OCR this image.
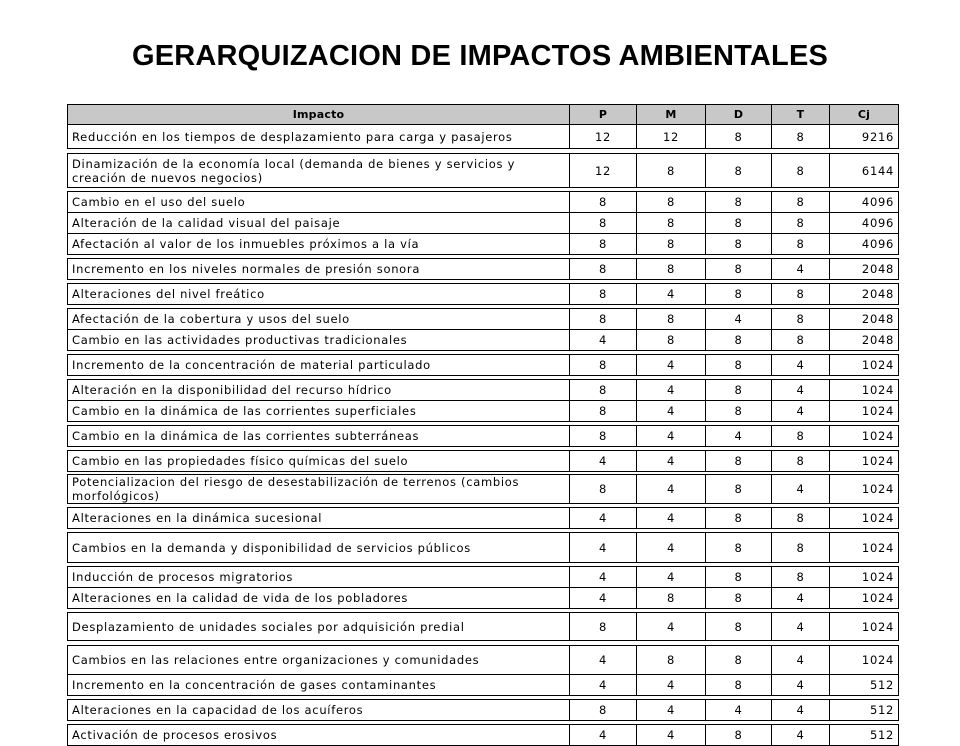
GERARQUIZACION DE IMPACTOS AMBIENTALES
Impacto	P	M	D	T	Cj
Reducción en los tiempos de desplazamiento para carga y pasajeros	12	12	8	8	9216

Dinamización de la economía local (demanda de bienes y servicios y creación de nuevos negocios)	12	8	8	8	6144

Cambio en el uso del suelo	8	8	8	8	4096
Alteración de la calidad visual del paisaje	8	8	8	8	4096
Afectación al valor de los inmuebles próximos a la vía	8	8	8	8	4096

Incremento en los niveles normales de presión sonora	8	8	8	4	2048

Alteraciones del nivel freático	8	4	8	8	2048

Afectación de la cobertura y usos del suelo	8	8	4	8	2048
Cambio en las actividades productivas tradicionales	4	8	8	8	2048

Incremento de la concentración de material particulado	8	4	8	4	1024

Alteración en la disponibilidad del recurso hídrico	8	4	8	4	1024
Cambio en la dinámica de las corrientes superficiales	8	4	8	4	1024

Cambio en la dinámica de las corrientes subterráneas	8	4	4	8	1024

Cambio en las propiedades físico químicas del suelo	4	4	8	8	1024

Potencializacion del riesgo de desestabilización de terrenos (cambios morfológicos)	8	4	8	4	1024

Alteraciones en la dinámica sucesional	4	4	8	8	1024

Cambios en la demanda y disponibilidad de servicios públicos	4	4	8	8	1024

Inducción de procesos migratorios	4	4	8	8	1024
Alteraciones en la calidad de vida de los pobladores	4	8	8	4	1024

Desplazamiento de unidades sociales por adquisición predial	8	4	8	4	1024

Cambios en las relaciones entre organizaciones y comunidades	4	8	8	4	1024
Incremento en la concentración de gases contaminantes	4	4	8	4	512

Alteraciones en la capacidad de los acuíferos	8	4	4	4	512

Activación de procesos erosivos	4	4	8	4	512
